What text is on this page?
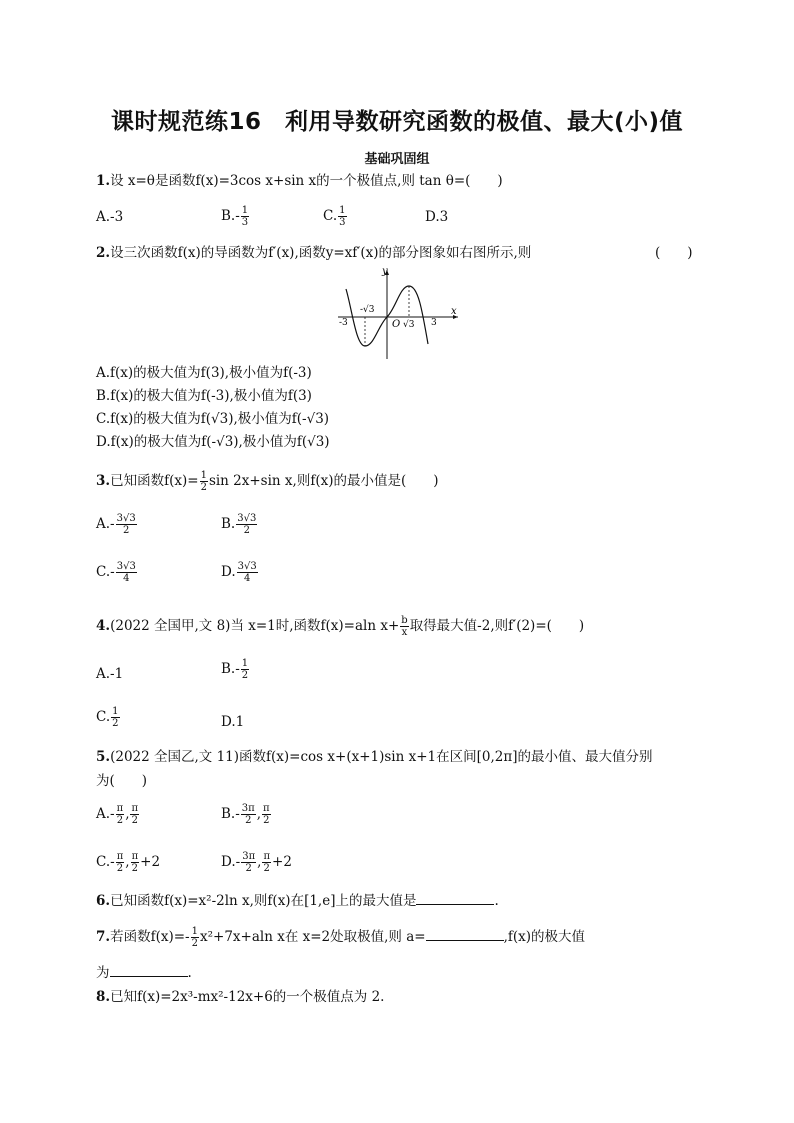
课时规范练16　利用导数研究函数的极值、最大(小)值
基础巩固组
1.设 x=θ是函数f(x)=3cos x+sin x的一个极值点,则 tan θ=(　　)
A.-3	$B.- \frac{1}{3}$	C. $\frac{1}{3}$	D.3
2.设三次函数f(x)的导函数为f′(x),函数y=xf′(x)的部分图象如右图所示,则	(　　)
y
x
O
-3
-√3
√3 3
A.f(x)的极大值为f(3),极小值为f(-3)
B.f(x)的极大值为f(-3),极小值为f(3)
C.f(x)的极大值为f(√3),极小值为f(-√3)
D.f(x)的极大值为f(-√3),极小值为f(√3)
3.已知函数$f(x)= \frac{1}{2}$ sin 2x+sin x,则f(x)的最小值是(　　)
$A.- \frac{3√3}{2}$	B. $\frac{3√3}{2}$
$C.- \frac{3√3}{4}$	D. $\frac{3√3}{4}$
4.(2022 全国甲,文 8)当 x=1时,函数f(x)=aln $x+ \frac{b}{x}$ 取得最大值-2,则f′(2)=(　　)
A.-1	$B.- \frac{1}{2}$
C. $\frac{1}{2}$	D.1
5.(2022 全国乙,文 11)函数f(x)=cos x+(x+1)sin x+1在区间[0,2π]的最小值、最大值分别
为(　　)
$A.- \frac{\pi}{2}$ , $\frac{\pi}{2}$	$B.- \frac{3\pi}{2}$ , $\frac{\pi}{2}$
$C.- \frac{\pi}{2}$ , $\frac{\pi}{2} +2$	$D.- \frac{3\pi}{2}$ , $\frac{\pi}{2} +2$
6.已知函数f(x)=x²-2ln x,则f(x)在[1,e]上的最大值是	.
7.若函数$f(x)=- \frac{1}{2} x^2+7x+aln$ x在 x=2处取极值,则 a=	,f(x)的极大值
为	.
8.已知f(x)=2x³-mx²-12x+6的一个极值点为 2.
